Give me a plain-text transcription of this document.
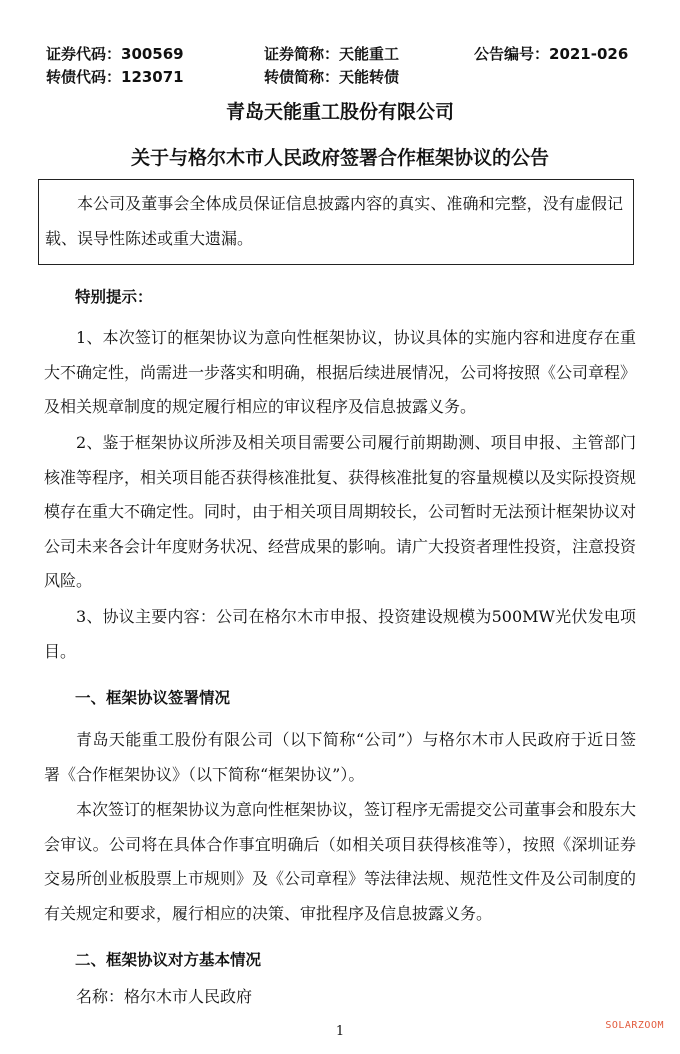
证券代码：300569	证券简称：天能重工	公告编号：2021-026
转债代码：123071	转债简称：天能转债
青岛天能重工股份有限公司
关于与格尔木市人民政府签署合作框架协议的公告

本公司及董事会全体成员保证信息披露内容的真实、准确和完整，没有虚假记载、误导性陈述或重大遗漏。

特别提示：

1、本次签订的框架协议为意向性框架协议，协议具体的实施内容和进度存在重大不确定性，尚需进一步落实和明确，根据后续进展情况，公司将按照《公司章程》及相关规章制度的规定履行相应的审议程序及信息披露义务。

2、鉴于框架协议所涉及相关项目需要公司履行前期勘测、项目申报、主管部门核准等程序，相关项目能否获得核准批复、获得核准批复的容量规模以及实际投资规模存在重大不确定性。同时，由于相关项目周期较长，公司暂时无法预计框架协议对公司未来各会计年度财务状况、经营成果的影响。请广大投资者理性投资，注意投资风险。

3、协议主要内容：公司在格尔木市申报、投资建设规模为500MW光伏发电项目。

一、框架协议签署情况

青岛天能重工股份有限公司（以下简称“公司”）与格尔木市人民政府于近日签署《合作框架协议》（以下简称“框架协议”）。

本次签订的框架协议为意向性框架协议，签订程序无需提交公司董事会和股东大会审议。公司将在具体合作事宜明确后（如相关项目获得核准等），按照《深圳证券交易所创业板股票上市规则》及《公司章程》等法律法规、规范性文件及公司制度的有关规定和要求，履行相应的决策、审批程序及信息披露义务。

二、框架协议对方基本情况

名称：格尔木市人民政府

1	SOLARZOOM
